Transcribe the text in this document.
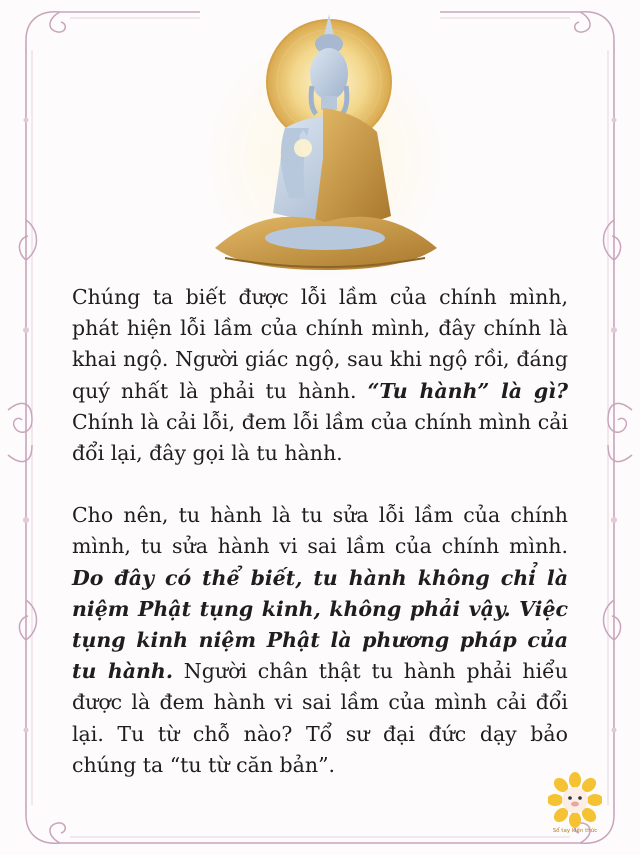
Chúng ta biết được lỗi lầm của chính mình, phát hiện lỗi lầm của chính mình, đây chính là khai ngộ. Người giác ngộ, sau khi ngộ rồi, đáng quý nhất là phải tu hành. “Tu hành” là gì? Chính là cải lỗi, đem lỗi lầm của chính mình cải đổi lại, đây gọi là tu hành.

Cho nên, tu hành là tu sửa lỗi lầm của chính mình, tu sửa hành vi sai lầm của chính mình. Do đây có thể biết, tu hành không chỉ là niệm Phật tụng kinh, không phải vậy. Việc tụng kinh niệm Phật là phương pháp của tu hành. Người chân thật tu hành phải hiểu được là đem hành vi sai lầm của mình cải đổi lại. Tu từ chỗ nào? Tổ sư đại đức dạy bảo chúng ta “tu từ căn bản”.

Sổ tay kiến thức
